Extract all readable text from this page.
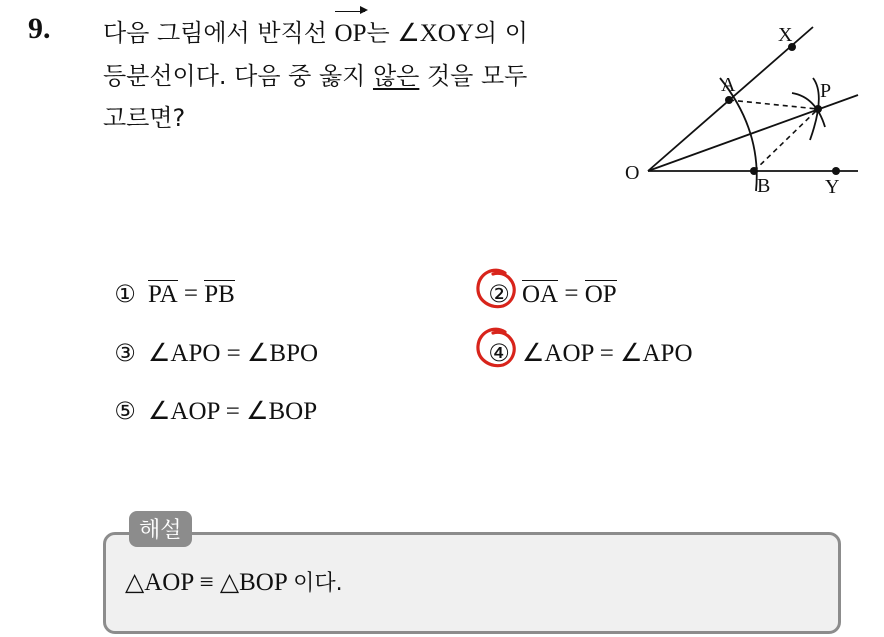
9. 다음 그림에서 반직선 OP는 ∠XOY의 이
등분선이다. 다음 중 옳지 않은 것을 모두
고르면?
X
A	P
O
B	Y
① PA = PB	② OA = OP
③ ∠APO = ∠BPO	④ ∠AOP = ∠APO
⑤ ∠AOP = ∠BOP
해설
△AOP ≡ △BOP 이다.
